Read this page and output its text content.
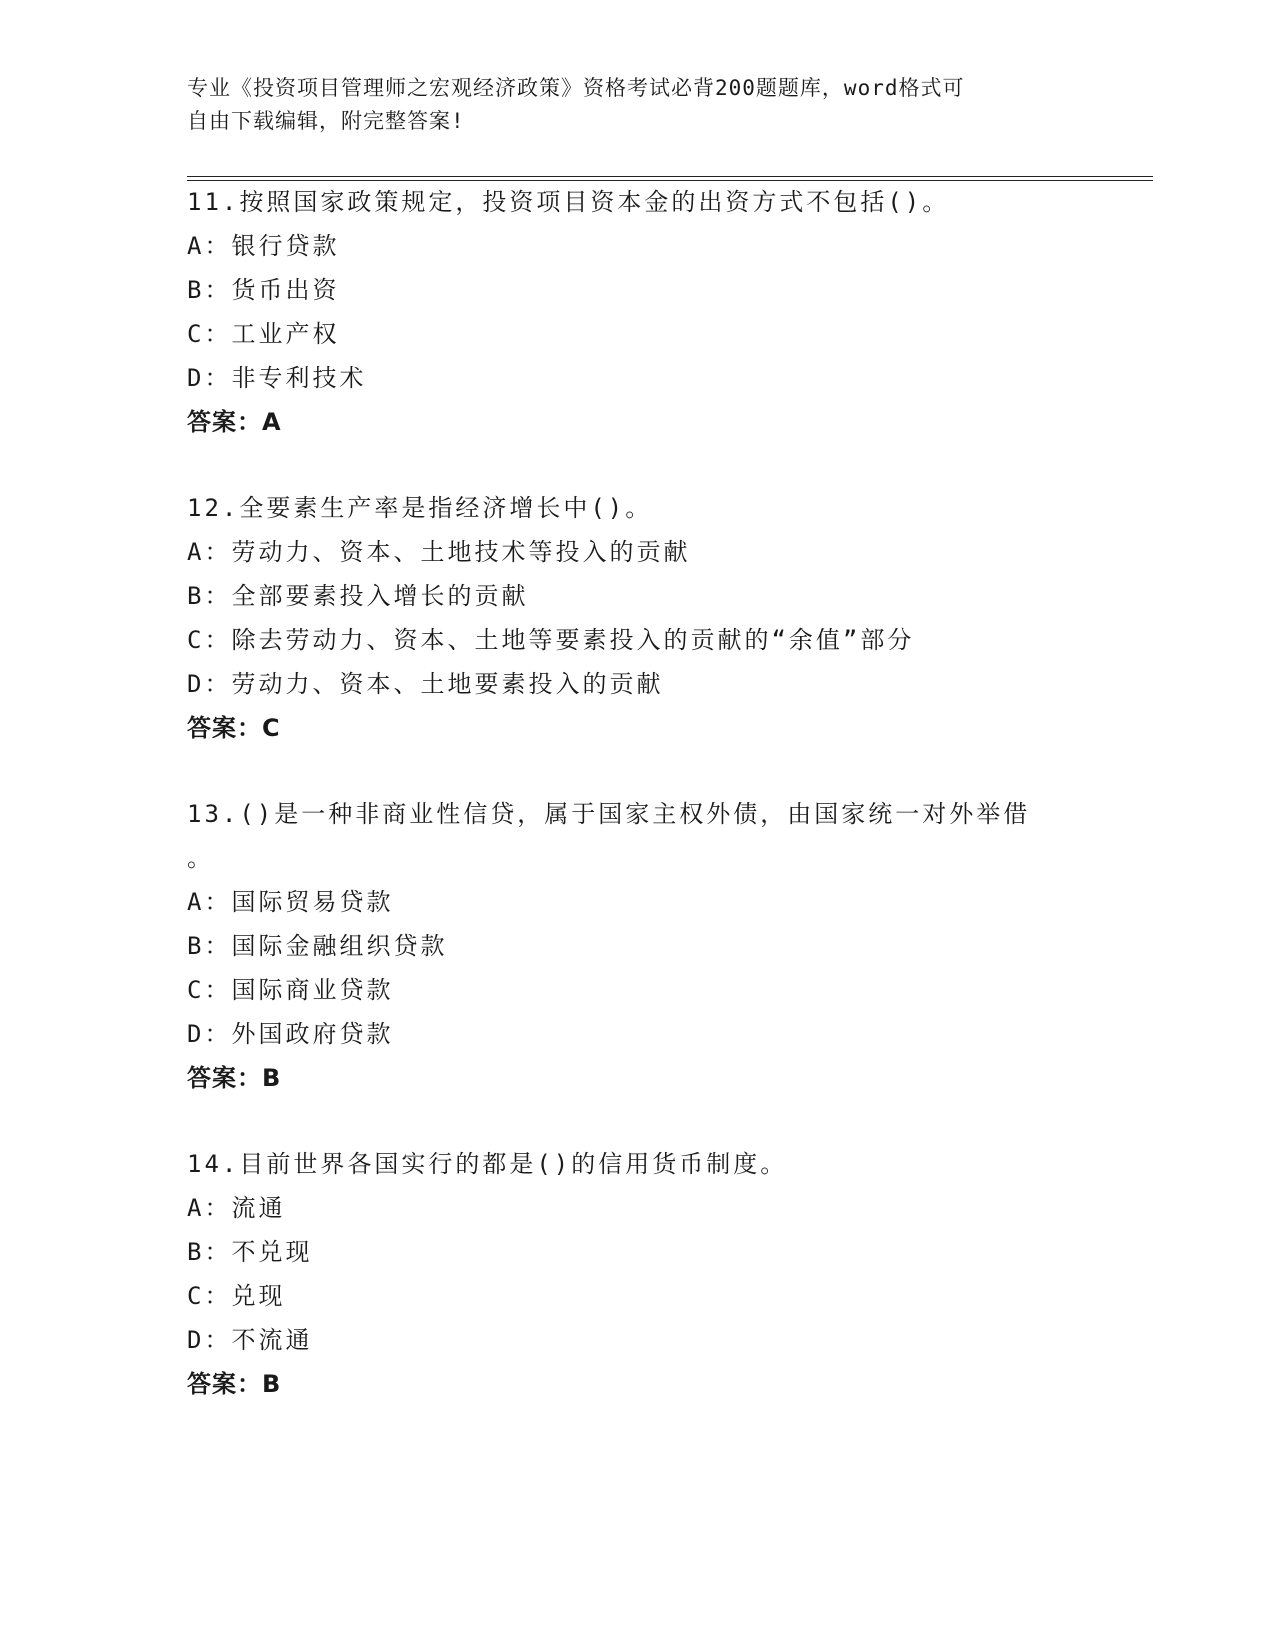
专业《投资项目管理师之宏观经济政策》资格考试必背200题题库，word格式可
自由下载编辑，附完整答案!
11.按照国家政策规定，投资项目资本金的出资方式不包括()。
A：银行贷款
B：货币出资
C：工业产权
D：非专利技术
答案：A
12.全要素生产率是指经济增长中()。
A：劳动力、资本、土地技术等投入的贡献
B：全部要素投入增长的贡献
C：除去劳动力、资本、土地等要素投入的贡献的“余值”部分
D：劳动力、资本、土地要素投入的贡献
答案：C
13.()是一种非商业性信贷，属于国家主权外债，由国家统一对外举借
。
A：国际贸易贷款
B：国际金融组织贷款
C：国际商业贷款
D：外国政府贷款
答案：B
14.目前世界各国实行的都是()的信用货币制度。
A：流通
B：不兑现
C：兑现
D：不流通
答案：B
